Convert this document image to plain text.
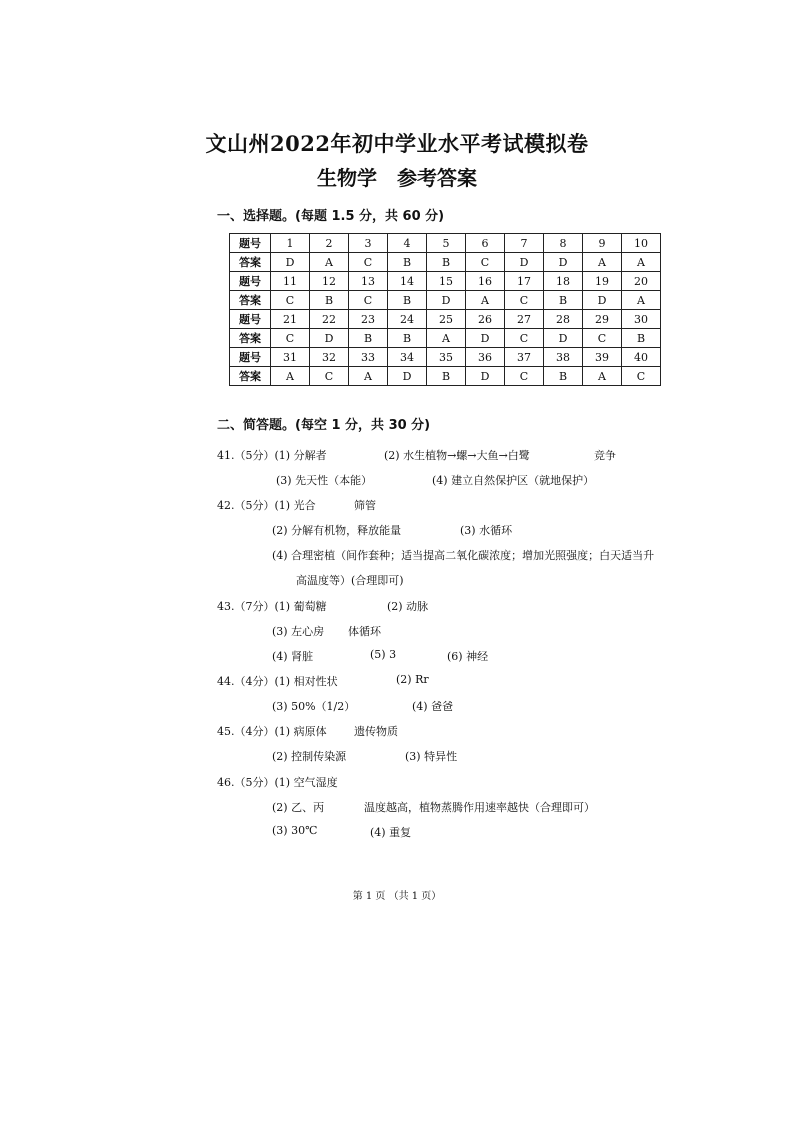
文山州2022年初中学业水平考试模拟卷
生物学　参考答案
一、选择题。(每题 1.5 分，共 60 分)
题号	1	2	3	4	5	6	7	8	9	10
答案	D	A	C	B	B	C	D	D	A	A
题号	11	12	13	14	15	16	17	18	19	20
答案	C	B	C	B	D	A	C	B	D	A
题号	21	22	23	24	25	26	27	28	29	30
答案	C	D	B	B	A	D	C	D	C	B
题号	31	32	33	34	35	36	37	38	39	40
答案	A	C	A	D	B	D	C	B	A	C
二、简答题。(每空 1 分，共 30 分)
41.（5分）(1) 分解者	(2) 水生植物→螺→大鱼→白鹭	竞争
(3) 先天性（本能）	(4) 建立自然保护区（就地保护）
42.（5分）(1) 光合	筛管
(2) 分解有机物，释放能量	(3) 水循环
(4) 合理密植（间作套种；适当提高二氧化碳浓度；增加光照强度；白天适当升
高温度等）(合理即可)
43.（7分）(1) 葡萄糖	(2) 动脉
(3) 左心房 体循环
(4) 肾脏	(5) 3	(6) 神经
44.（4分）(1) 相对性状	(2) Rr
(3) 50%（1/2）	(4) 爸爸
45.（4分）(1) 病原体 遗传物质
(2) 控制传染源	(3) 特异性
46.（5分）(1) 空气湿度
(2) 乙、丙	温度越高，植物蒸腾作用速率越快（合理即可）
(3) 30℃	(4) 重复
第 1 页 （共 1 页）
